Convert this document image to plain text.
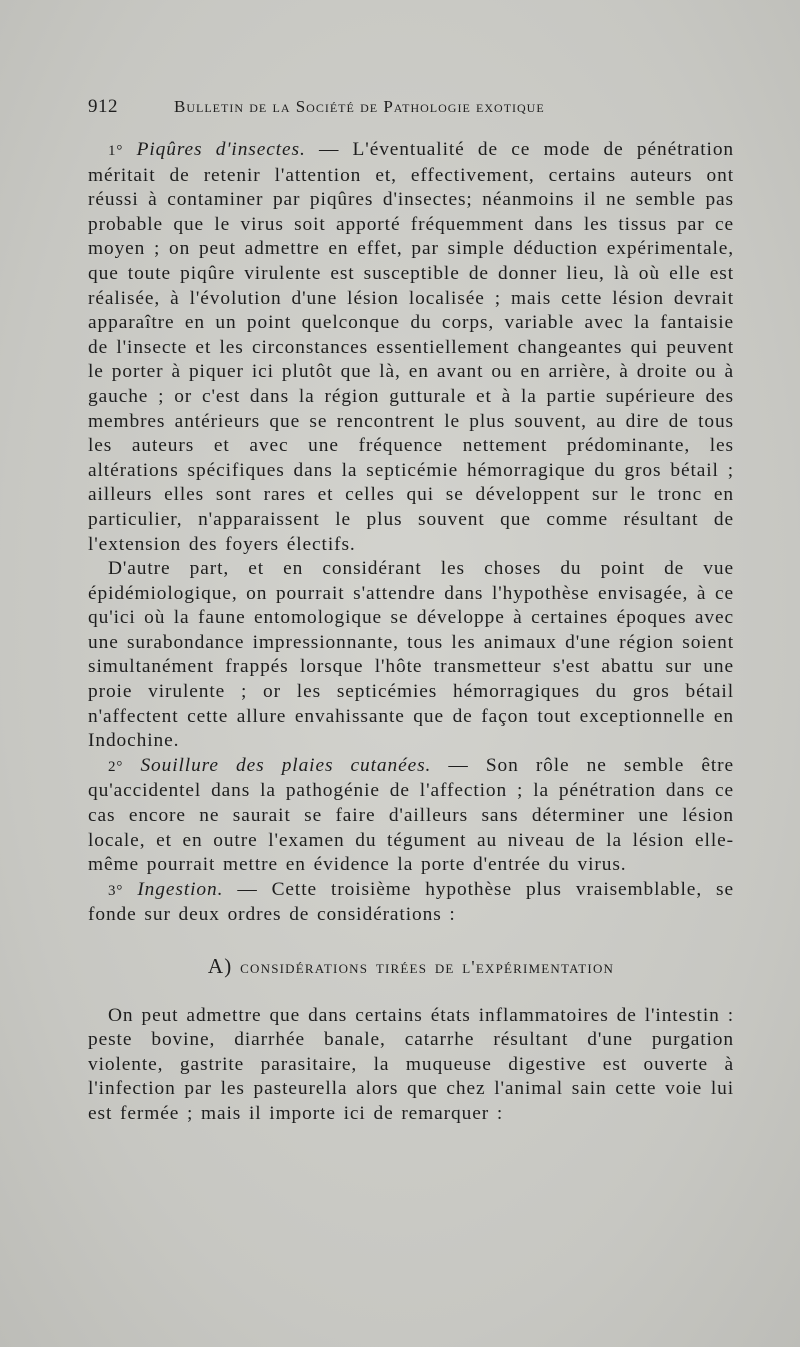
912	Bulletin de la Société de Pathologie exotique

1° Piqûres d'insectes. — L'éventualité de ce mode de pénétration méritait de retenir l'attention et, effectivement, certains auteurs ont réussi à contaminer par piqûres d'insectes; néanmoins il ne semble pas probable que le virus soit apporté fréquemment dans les tissus par ce moyen ; on peut admettre en effet, par simple déduction expérimentale, que toute piqûre virulente est susceptible de donner lieu, là où elle est réalisée, à l'évolution d'une lésion localisée ; mais cette lésion devrait apparaître en un point quelconque du corps, variable avec la fantaisie de l'insecte et les circonstances essentiellement changeantes qui peuvent le porter à piquer ici plutôt que là, en avant ou en arrière, à droite ou à gauche ; or c'est dans la région gutturale et à la partie supérieure des membres antérieurs que se rencontrent le plus souvent, au dire de tous les auteurs et avec une fréquence nettement prédominante, les altérations spécifiques dans la septicémie hémorragique du gros bétail ; ailleurs elles sont rares et celles qui se développent sur le tronc en particulier, n'apparaissent le plus souvent que comme résultant de l'extension des foyers électifs.

D'autre part, et en considérant les choses du point de vue épidémiologique, on pourrait s'attendre dans l'hypothèse envisagée, à ce qu'ici où la faune entomologique se développe à certaines époques avec une surabondance impressionnante, tous les animaux d'une région soient simultanément frappés lorsque l'hôte transmetteur s'est abattu sur une proie virulente ; or les septicémies hémorragiques du gros bétail n'affectent cette allure envahissante que de façon tout exceptionnelle en Indochine.

2° Souillure des plaies cutanées. — Son rôle ne semble être qu'accidentel dans la pathogénie de l'affection ; la pénétration dans ce cas encore ne saurait se faire d'ailleurs sans déterminer une lésion locale, et en outre l'examen du tégument au niveau de la lésion elle-même pourrait mettre en évidence la porte d'entrée du virus.

3° Ingestion. — Cette troisième hypothèse plus vraisemblable, se fonde sur deux ordres de considérations :

A) considérations tirées de l'expérimentation

On peut admettre que dans certains états inflammatoires de l'intestin : peste bovine, diarrhée banale, catarrhe résultant d'une purgation violente, gastrite parasitaire, la muqueuse digestive est ouverte à l'infection par les pasteurella alors que chez l'animal sain cette voie lui est fermée ; mais il importe ici de remarquer :
